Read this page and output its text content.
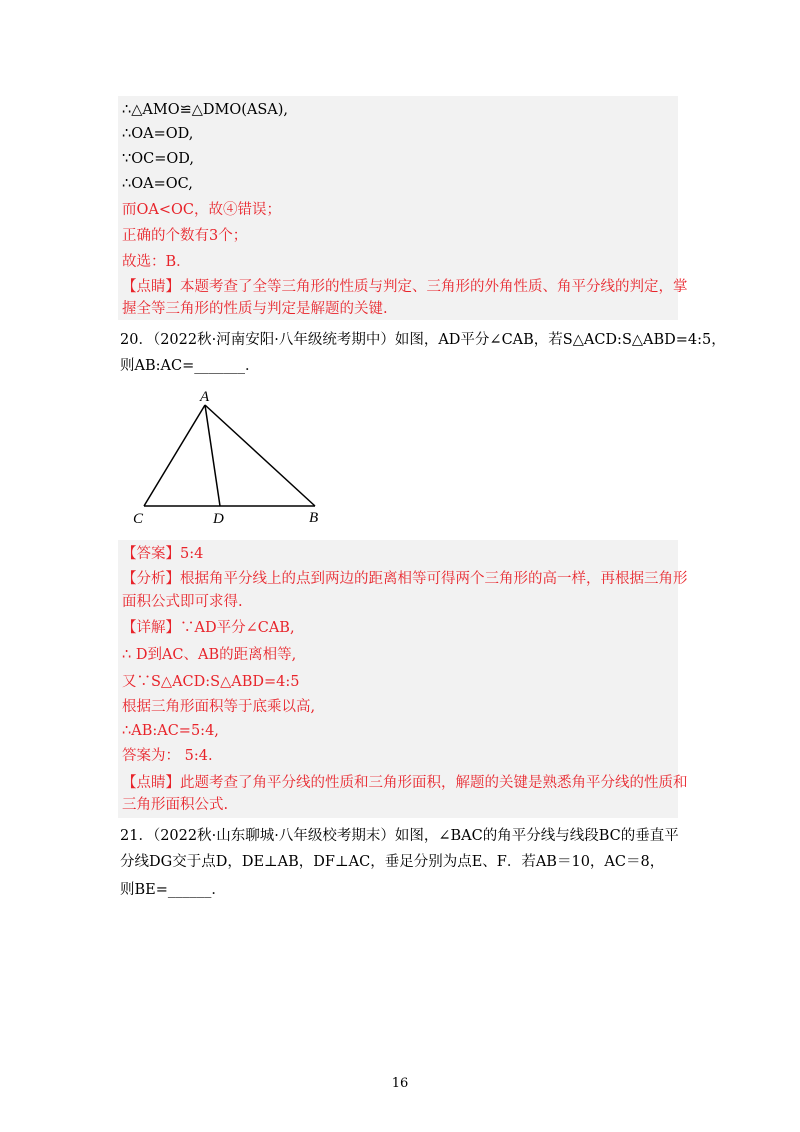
∴△AMO≌△DMO(ASA),
∴OA=OD,
∵OC=OD,
∴OA=OC,
而OA<OC，故④错误；
正确的个数有3个；
故选：B．
【点睛】本题考查了全等三角形的性质与判定、三角形的外角性质、角平分线的判定，掌
握全等三角形的性质与判定是解题的关键.
20．（2022秋·河南安阳·八年级统考期中）如图，AD平分∠CAB，若S△ACD:S△ABD=4:5，
则AB:AC=_______．
A
C	D	B
【答案】5:4
【分析】根据角平分线上的点到两边的距离相等可得两个三角形的高一样，再根据三角形
面积公式即可求得.
【详解】∵AD平分∠CAB,
∴ D到AC、AB的距离相等,
又∵S△ACD:S△ABD=4:5
根据三角形面积等于底乘以高,
∴AB:AC=5:4,
答案为： 5:4.
【点睛】此题考查了角平分线的性质和三角形面积，解题的关键是熟悉角平分线的性质和
三角形面积公式.
21．（2022秋·山东聊城·八年级校考期末）如图，∠BAC的角平分线与线段BC的垂直平
分线DG交于点D，DE⊥AB，DF⊥AC，垂足分别为点E、F．若AB＝10，AC＝8，
则BE=______．
16
